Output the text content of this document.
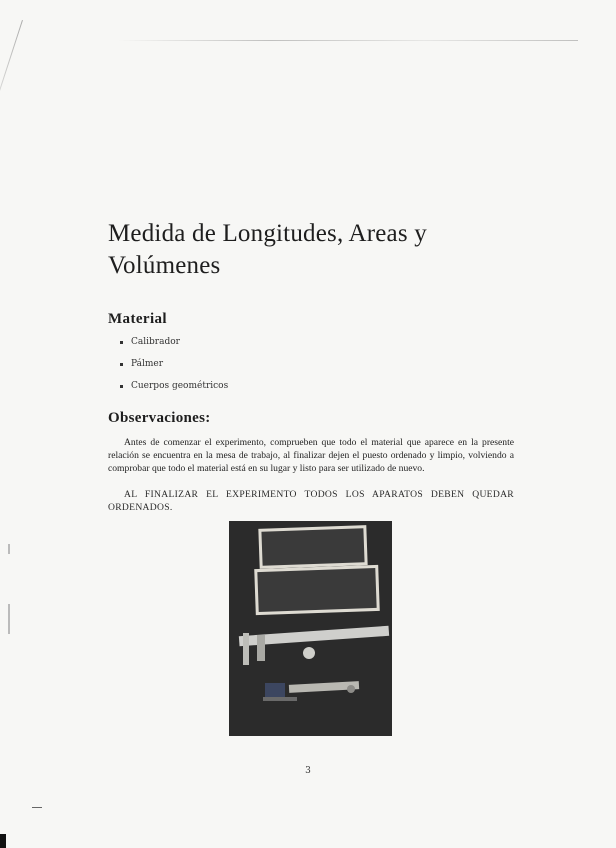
Medida de Longitudes, Areas y Volúmenes
Material
Calibrador
Pálmer
Cuerpos geométricos
Observaciones:

Antes de comenzar el experimento, comprueben que todo el material que aparece en la presente relación se encuentra en la mesa de trabajo, al finalizar dejen el puesto ordenado y limpio, volviendo a comprobar que todo el material está en su lugar y listo para ser utilizado de nuevo.

AL FINALIZAR EL EXPERIMENTO TODOS LOS APARATOS DEBEN QUEDAR ORDENADOS.

3
